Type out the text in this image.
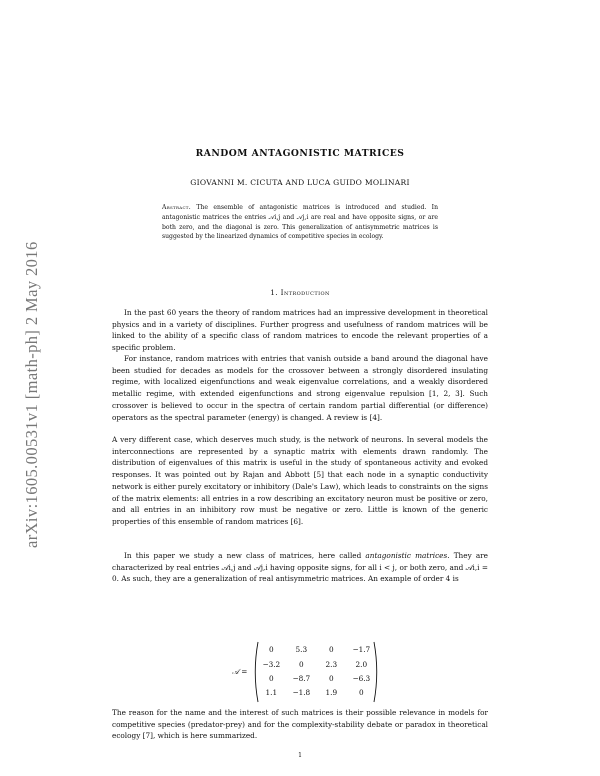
arXiv:1605.00531v1 [math-ph] 2 May 2016
RANDOM ANTAGONISTIC MATRICES
GIOVANNI M. CICUTA AND LUCA GUIDO MOLINARI
Abstract. The ensemble of antagonistic matrices is introduced and studied. In antagonistic matrices the entries 𝒜i,j and 𝒜j,i are real and have opposite signs, or are both zero, and the diagonal is zero. This generalization of antisymmetric matrices is suggested by the linearized dynamics of competitive species in ecology.
1. Introduction

In the past 60 years the theory of random matrices had an impressive development in theoretical physics and in a variety of disciplines. Further progress and usefulness of random matrices will be linked to the ability of a specific class of random matrices to encode the relevant properties of a specific problem.

For instance, random matrices with entries that vanish outside a band around the diagonal have been studied for decades as models for the crossover between a strongly disordered insulating regime, with localized eigenfunctions and weak eigenvalue correlations, and a weakly disordered metallic regime, with extended eigenfunctions and strong eigenvalue repulsion [1, 2, 3]. Such crossover is believed to occur in the spectra of certain random partial differential (or difference) operators as the spectral parameter (energy) is changed. A review is [4].

A very different case, which deserves much study, is the network of neurons. In several models the interconnections are represented by a synaptic matrix with elements drawn randomly. The distribution of eigenvalues of this matrix is useful in the study of spontaneous activity and evoked responses. It was pointed out by Rajan and Abbott [5] that each node in a synaptic conductivity network is either purely excitatory or inhibitory (Dale's Law), which leads to constraints on the signs of the matrix elements: all entries in a row describing an excitatory neuron must be positive or zero, and all entries in an inhibitory row must be negative or zero. Little is known of the generic properties of this ensemble of random matrices [6].

In this paper we study a new class of matrices, here called antagonistic matrices. They are characterized by real entries 𝒜i,j and 𝒜j,i having opposite signs, for all i < j, or both zero, and 𝒜i,i = 0. As such, they are a generalization of real antisymmetric matrices. An example of order 4 is

𝒜 =
0	5.3	0	−1.7
−3.2	0	2.3	2.0
0	−8.7	0	−6.3
1.1	−1.8	1.9	0

The reason for the name and the interest of such matrices is their possible relevance in models for competitive species (predator-prey) and for the complexity-stability debate or paradox in theoretical ecology [7], which is here summarized.

1
